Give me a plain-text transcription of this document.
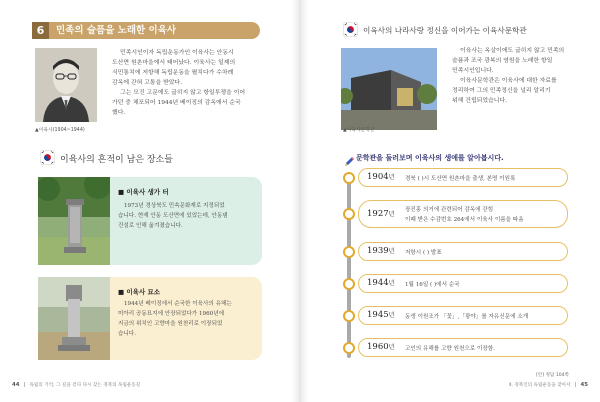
6	민족의 슬픔을 노래한 이육사
▲이육사(1904~1944)
민족시인이자 독립운동가인 이육사는 안동시
도산면 원촌마을에서 태어났다. 이육사는 일제의
식민통치에 저항해 독립운동을 펼치다가 수차례
감옥에 갇혀 고통을 받았다.
그는 모진 고문에도 굽히지 않고 항일투쟁을 이어
가던 중 체포되어 1944년 베이징의 감옥에서 순국
했다.
이육사의 흔적이 남은 장소들
■ 이육사 생가 터
1973년 경상북도 민속문화재로 지정되었
습니다. 현재 안동 도산면에 있었는데, 안동댐
건설로 인해 옮겨졌습니다.
■ 이육사 묘소
1944년 베이징에서 순국한 이육사의 유해는
미아리 공동묘지에 안장되었다가 1960년에
지금의 위치인 고향마을 원천리로 이장되었
습니다.
44 독립의 기억, 그 길을 걷다 다시 찾는 경북의 독립운동길
이육사의 나라사랑 정신을 이어가는 이육사문학관
▲이육사문학관
이육사는 옥살이에도 굽히지 않고 민족의
슬픔과 조국 광복의 염원을 노래한 항일
민족시인입니다.
이육사문학관은 이육사에 대한 자료를
정리하여 그의 민족정신을 널리 알리기
위해 건립되었습니다.
문학관을 둘러보며 이육사의 생애를 알아봅시다.
1904년 경북 ( )시 도산면 원촌마을 출생, 본명 이원록
1927년
장진홍 의거에 관련되어 감옥에 갇힘
이때 받은 수감번호 264에서 이육사 이름을 따옴
1939년 저항시 ( ) 발표
1944년 1월 16일 ( )에서 순국
1945년 동생 이원조가 「꽃」,「광야」를 자유신문에 소개
1960년 고인의 유해를 고향 원천으로 이장함.
[안] 정답 104쪽
Ⅱ. 경북인의 독립운동을 찾아서 45
